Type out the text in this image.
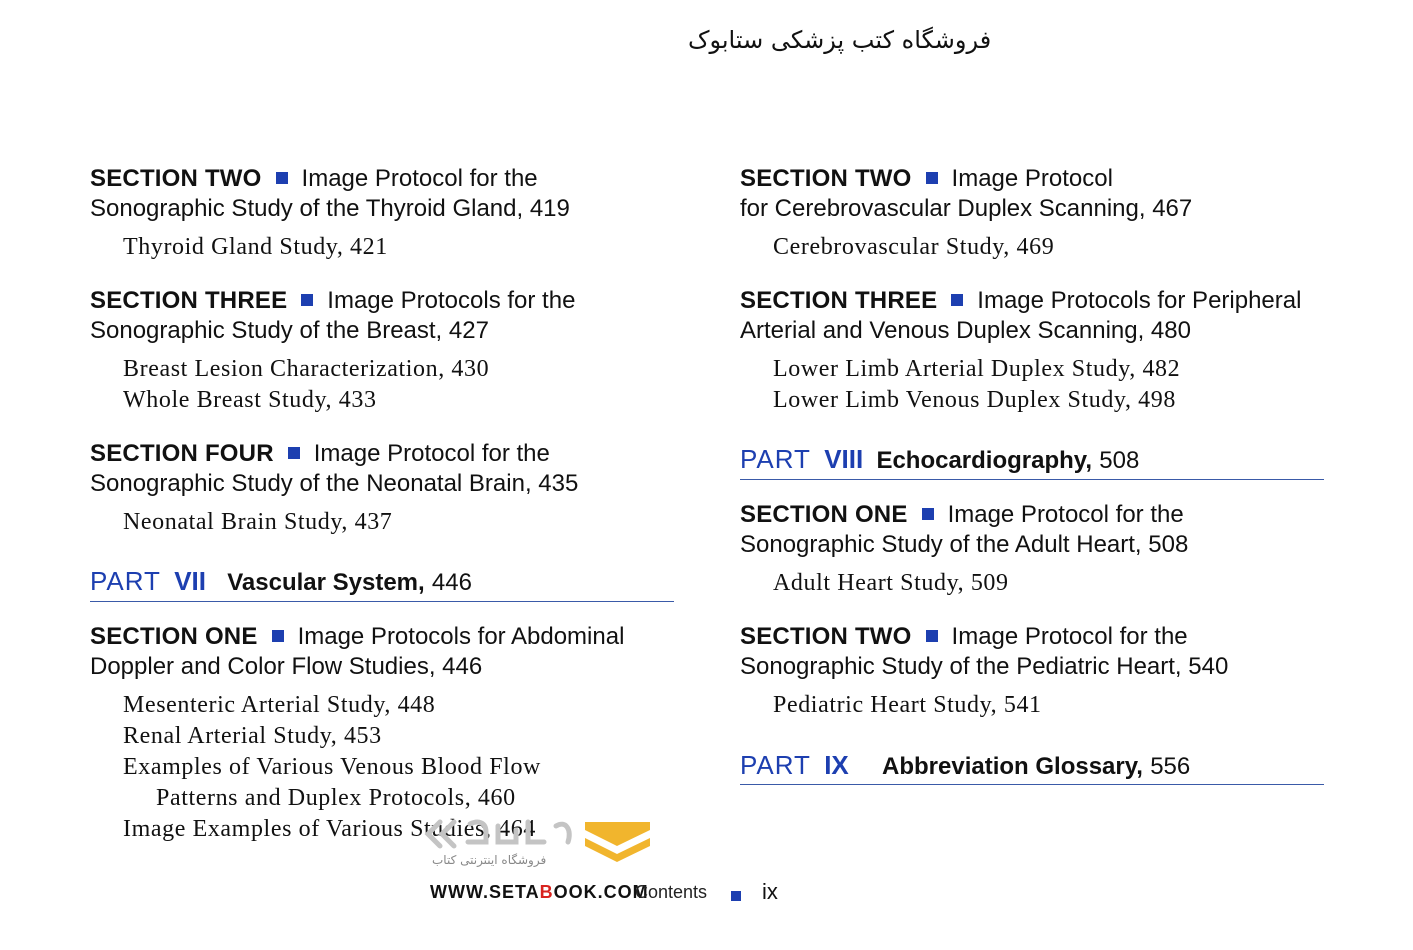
فروشگاه کتب پزشکی ستابوک
SECTION TWO Image Protocol for the
Sonographic Study of the Thyroid Gland, 419
Thyroid Gland Study, 421
SECTION THREE Image Protocols for the
Sonographic Study of the Breast, 427
Breast Lesion Characterization, 430
Whole Breast Study, 433
SECTION FOUR Image Protocol for the
Sonographic Study of the Neonatal Brain, 435
Neonatal Brain Study, 437
PART VII Vascular System, 446
SECTION ONE Image Protocols for Abdominal
Doppler and Color Flow Studies, 446
Mesenteric Arterial Study, 448
Renal Arterial Study, 453
Examples of Various Venous Blood Flow
Patterns and Duplex Protocols, 460
Image Examples of Various Studies, 464
SECTION TWO Image Protocol
for Cerebrovascular Duplex Scanning, 467
Cerebrovascular Study, 469
SECTION THREE Image Protocols for Peripheral
Arterial and Venous Duplex Scanning, 480
Lower Limb Arterial Duplex Study, 482
Lower Limb Venous Duplex Study, 498
PART VIII Echocardiography, 508
SECTION ONE Image Protocol for the
Sonographic Study of the Adult Heart, 508
Adult Heart Study, 509
SECTION TWO Image Protocol for the
Sonographic Study of the Pediatric Heart, 540
Pediatric Heart Study, 541
PART IX Abbreviation Glossary, 556
فروشگاه اینترنتی کتاب
WWW.SETABOOK.COM
Contents ix
